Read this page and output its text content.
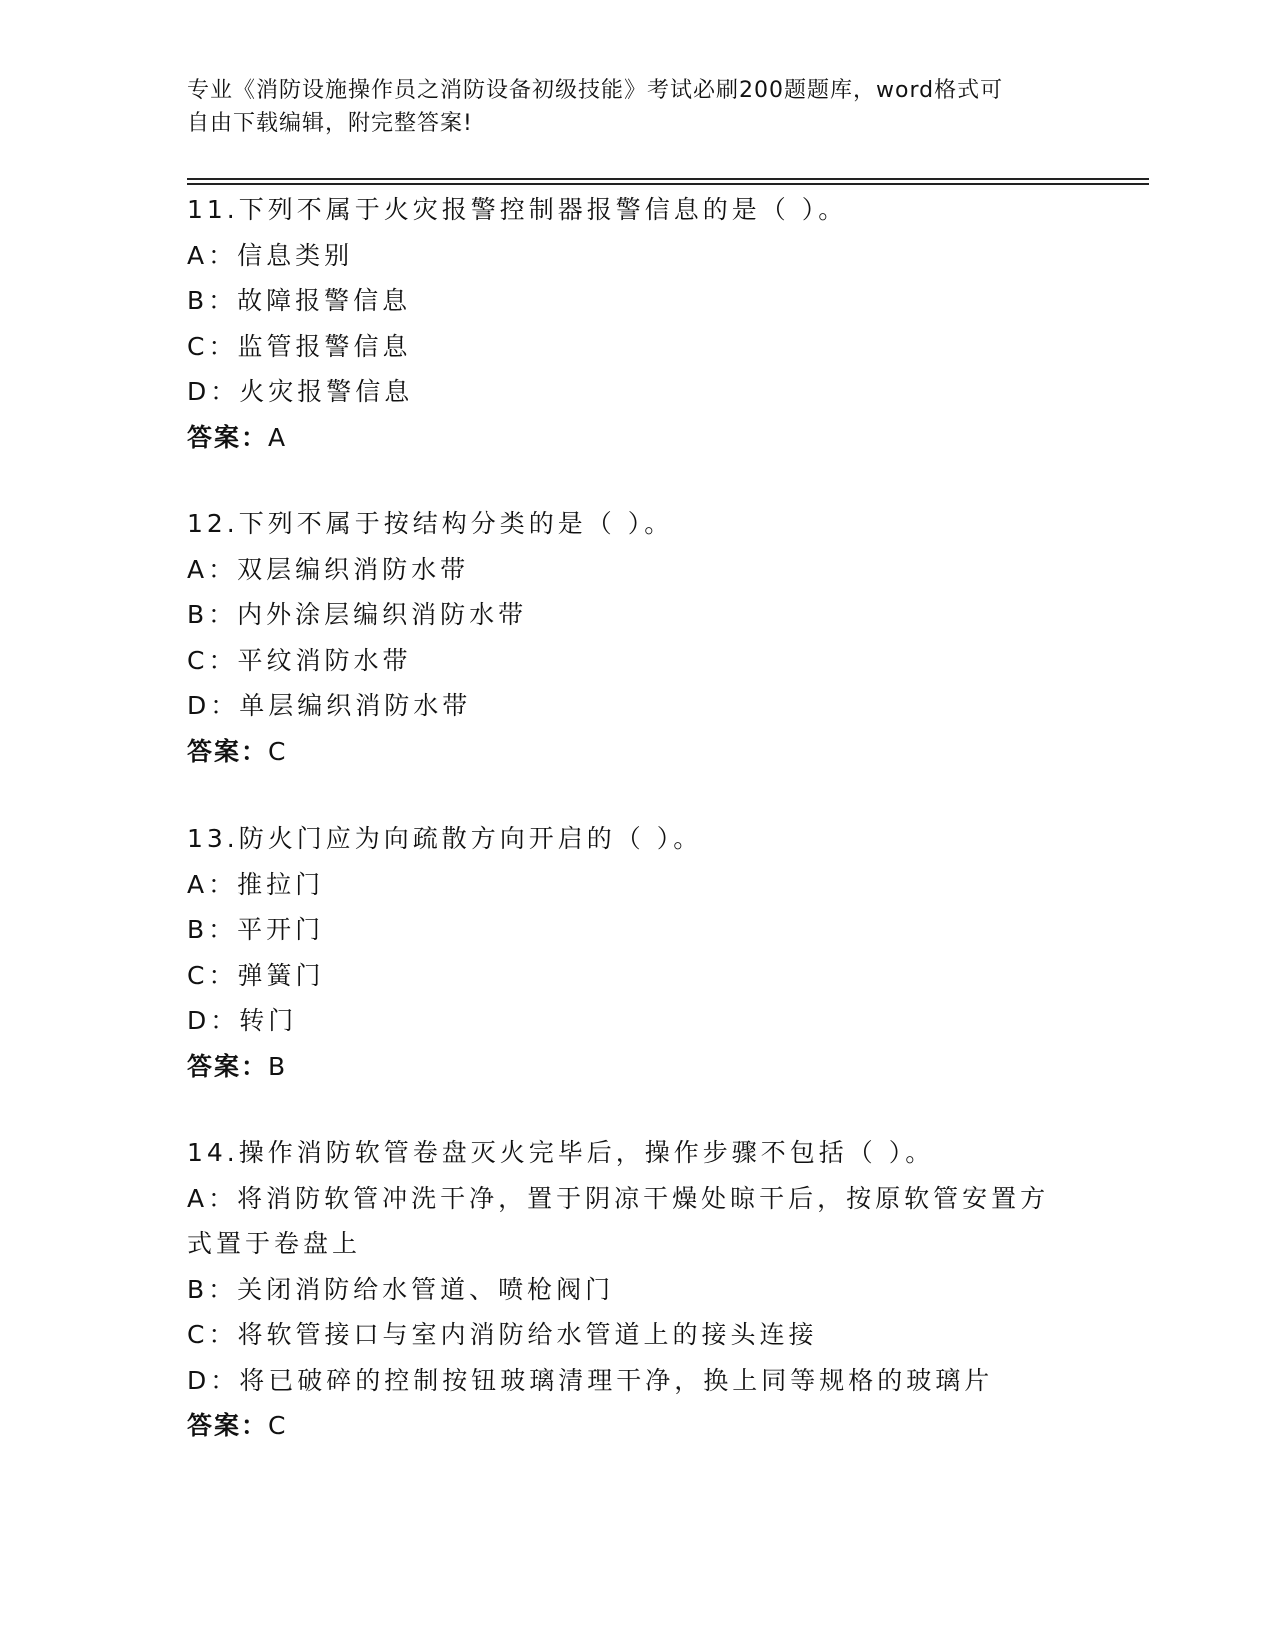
专业《消防设施操作员之消防设备初级技能》考试必刷200题题库，word格式可
自由下载编辑，附完整答案!
11.下列不属于火灾报警控制器报警信息的是（ ）。
A：信息类别
B：故障报警信息
C：监管报警信息
D：火灾报警信息
答案：A
12.下列不属于按结构分类的是（ ）。
A：双层编织消防水带
B：内外涂层编织消防水带
C：平纹消防水带
D：单层编织消防水带
答案：C
13.防火门应为向疏散方向开启的（ ）。
A：推拉门
B：平开门
C：弹簧门
D：转门
答案：B
14.操作消防软管卷盘灭火完毕后，操作步骤不包括（ ）。
A：将消防软管冲洗干净，置于阴凉干燥处晾干后，按原软管安置方式置于卷盘上
B：关闭消防给水管道、喷枪阀门
C：将软管接口与室内消防给水管道上的接头连接
D：将已破碎的控制按钮玻璃清理干净，换上同等规格的玻璃片
答案：C
